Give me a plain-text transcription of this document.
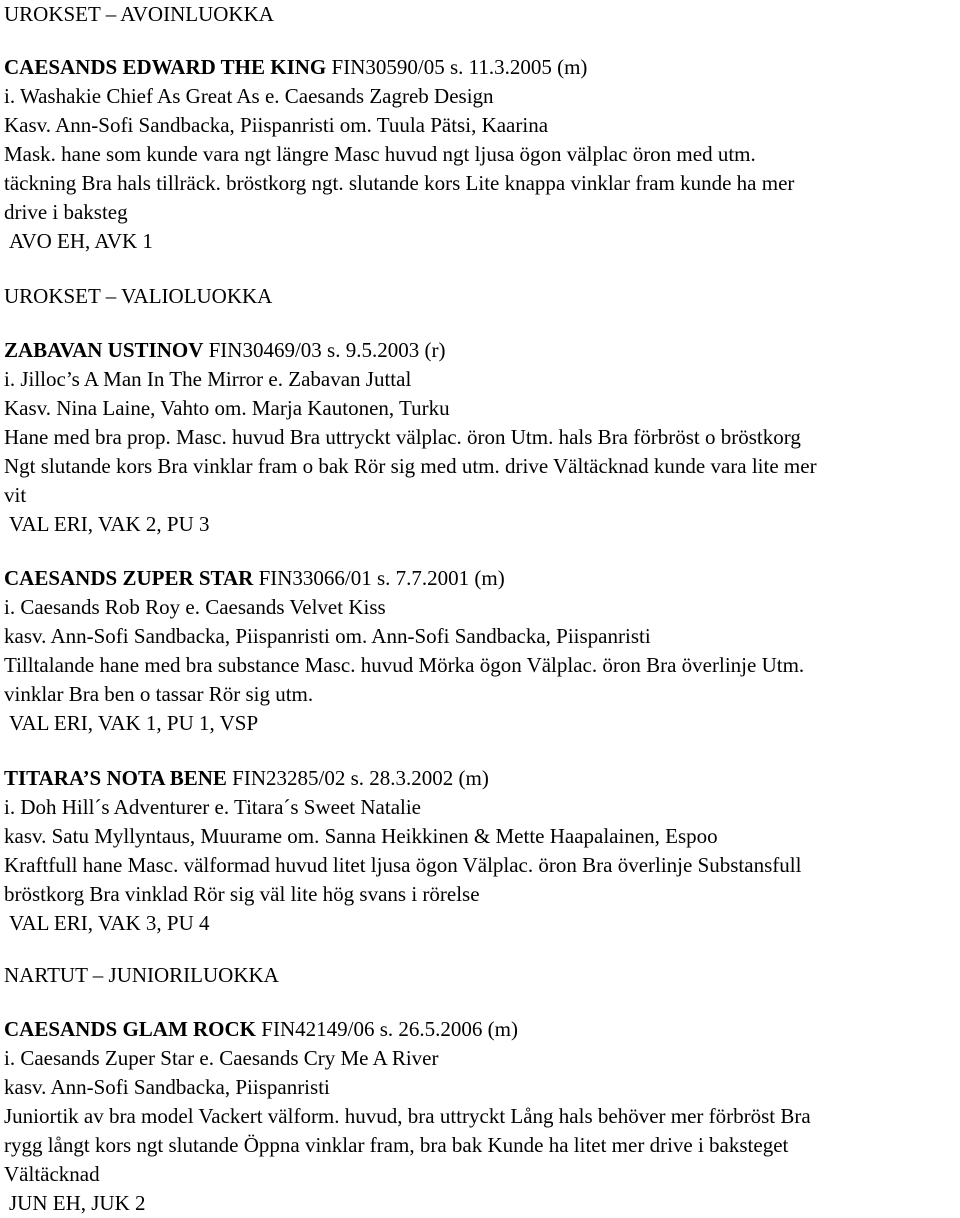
UROKSET – AVOINLUOKKA
CAESANDS EDWARD THE KING FIN30590/05 s. 11.3.2005 (m)
i. Washakie Chief As Great As e. Caesands Zagreb Design
Kasv. Ann-Sofi Sandbacka, Piispanristi om. Tuula Pätsi, Kaarina
Mask. hane som kunde vara ngt längre Masc huvud ngt ljusa ögon välplac öron med utm.
täckning Bra hals tillräck. bröstkorg ngt. slutande kors Lite knappa vinklar fram kunde ha mer
drive i baksteg
AVO EH, AVK 1
UROKSET – VALIOLUOKKA
ZABAVAN USTINOV FIN30469/03 s. 9.5.2003 (r)
i. Jilloc’s A Man In The Mirror e. Zabavan Juttal
Kasv. Nina Laine, Vahto om. Marja Kautonen, Turku
Hane med bra prop. Masc. huvud Bra uttryckt välplac. öron Utm. hals Bra förbröst o bröstkorg
Ngt slutande kors Bra vinklar fram o bak Rör sig med utm. drive Vältäcknad kunde vara lite mer
vit
VAL ERI, VAK 2, PU 3
CAESANDS ZUPER STAR FIN33066/01 s. 7.7.2001 (m)
i. Caesands Rob Roy e. Caesands Velvet Kiss
kasv. Ann-Sofi Sandbacka, Piispanristi om. Ann-Sofi Sandbacka, Piispanristi
Tilltalande hane med bra substance Masc. huvud Mörka ögon Välplac. öron Bra överlinje Utm.
vinklar Bra ben o tassar Rör sig utm.
VAL ERI, VAK 1, PU 1, VSP
TITARA’S NOTA BENE FIN23285/02 s. 28.3.2002 (m)
i. Doh Hill´s Adventurer e. Titara´s Sweet Natalie
kasv. Satu Myllyntaus, Muurame om. Sanna Heikkinen & Mette Haapalainen, Espoo
Kraftfull hane Masc. välformad huvud litet ljusa ögon Välplac. öron Bra överlinje Substansfull
bröstkorg Bra vinklad Rör sig väl lite hög svans i rörelse
VAL ERI, VAK 3, PU 4
NARTUT – JUNIORILUOKKA
CAESANDS GLAM ROCK FIN42149/06 s. 26.5.2006 (m)
i. Caesands Zuper Star e. Caesands Cry Me A River
kasv. Ann-Sofi Sandbacka, Piispanristi
Juniortik av bra model Vackert välform. huvud, bra uttryckt Lång hals behöver mer förbröst Bra
rygg långt kors ngt slutande Öppna vinklar fram, bra bak Kunde ha litet mer drive i baksteget
Vältäcknad
JUN EH, JUK 2
